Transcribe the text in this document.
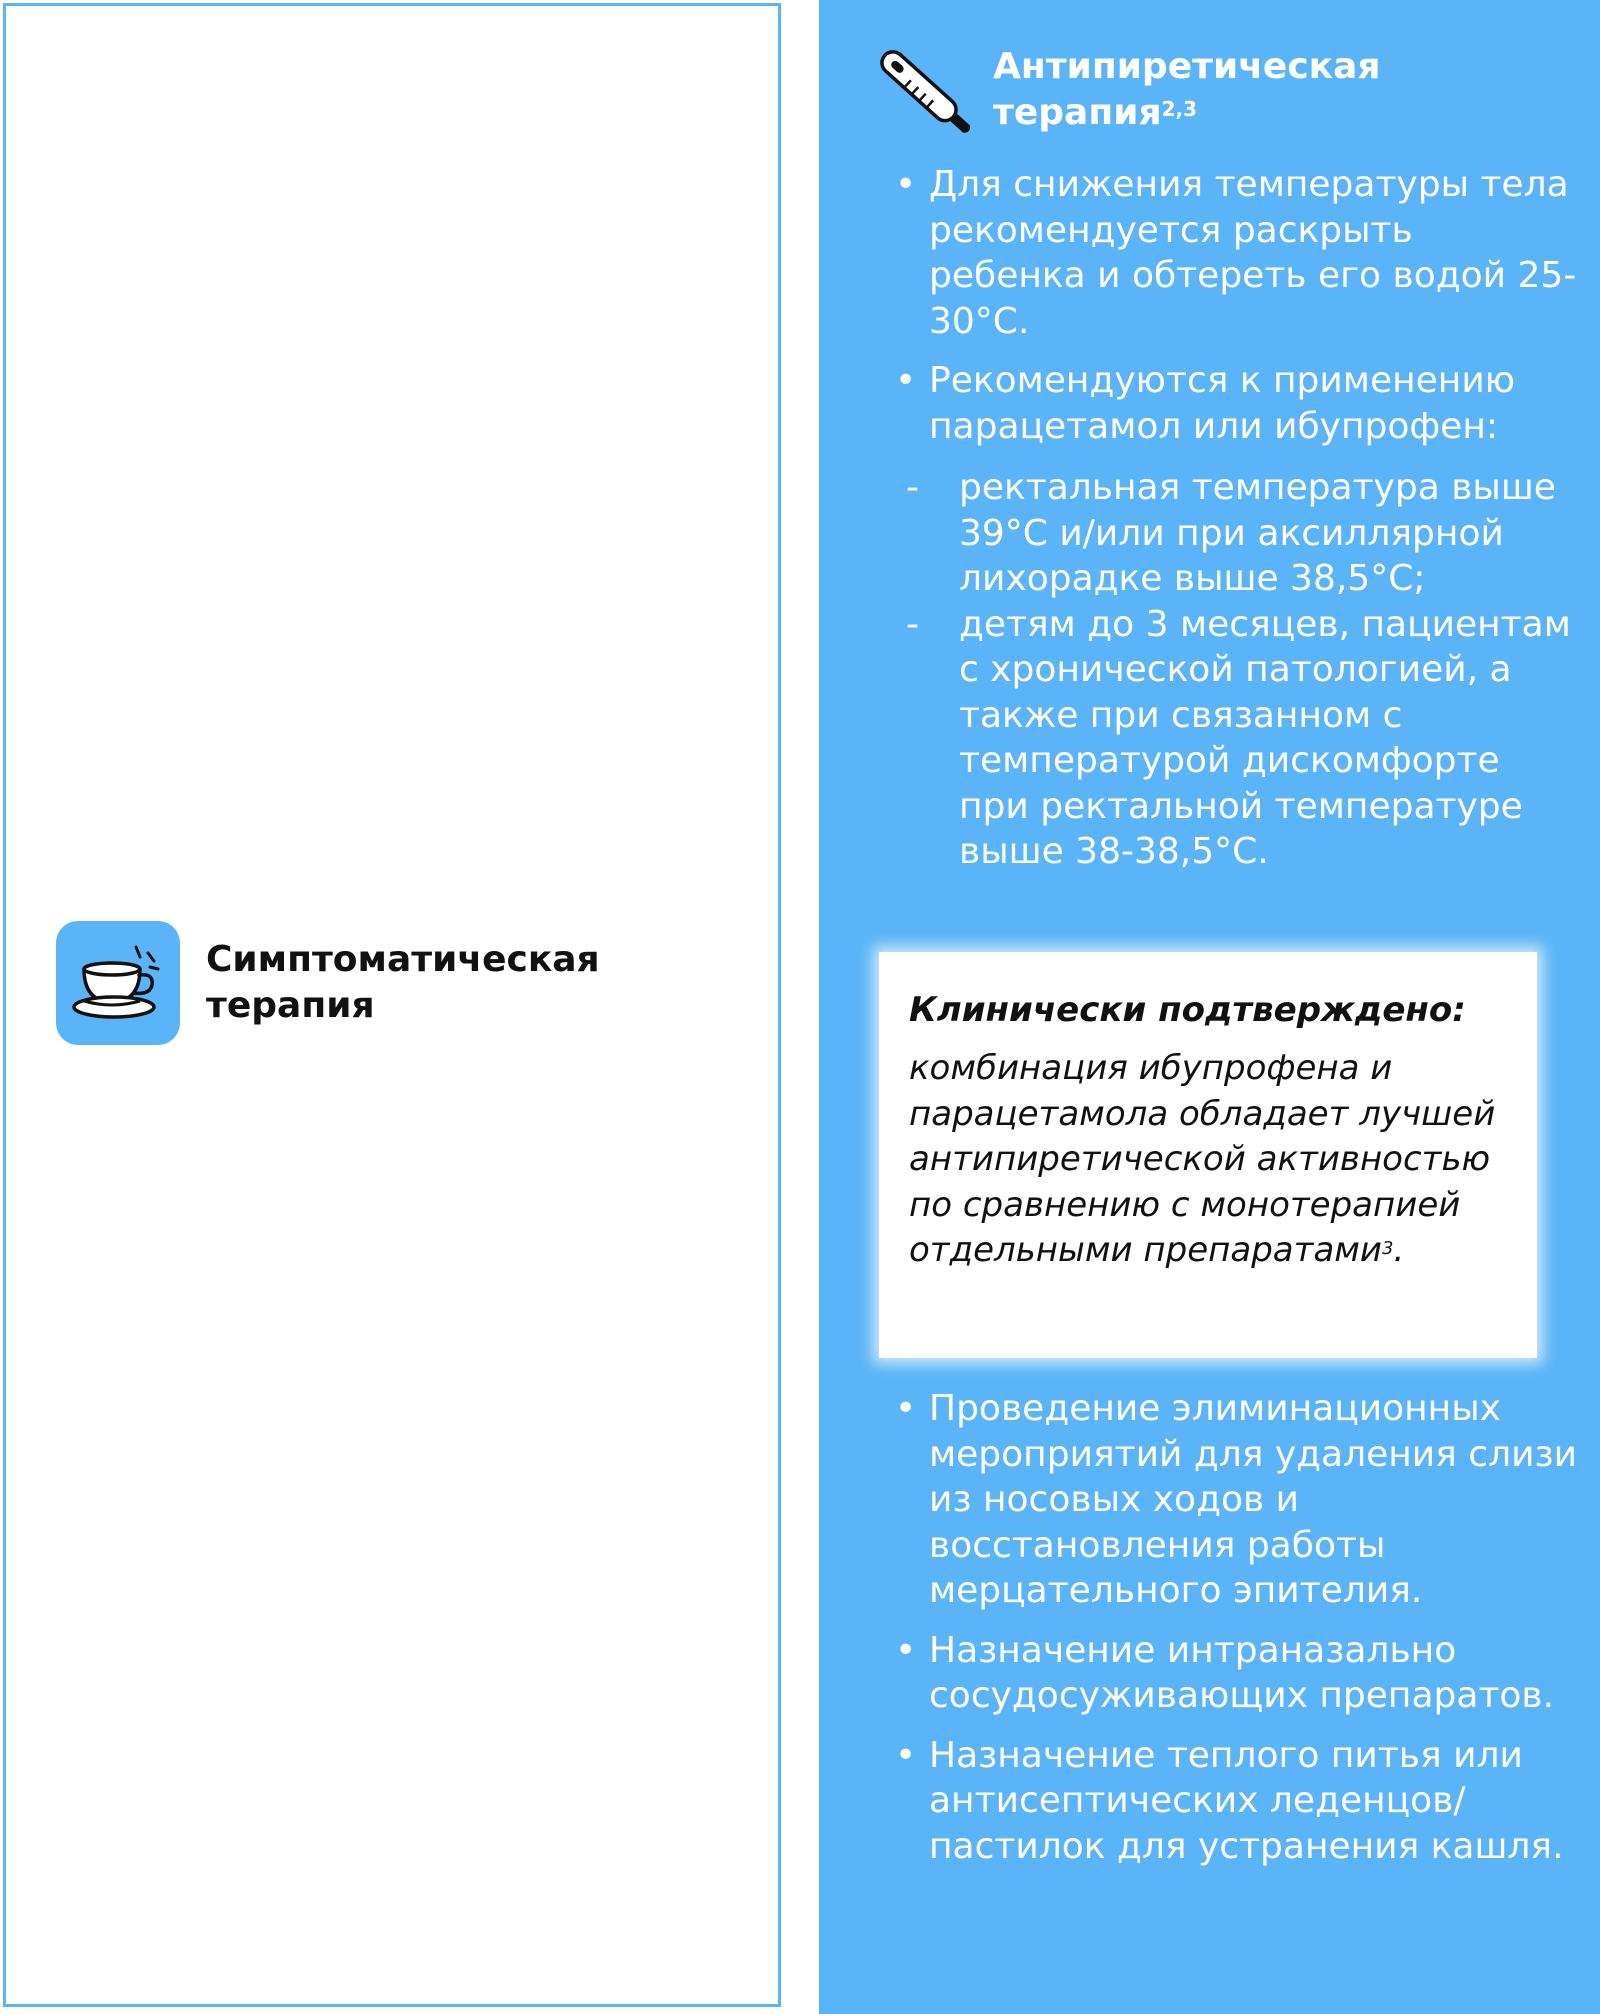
Симптоматическая
терапия
Антипиретическая терапия$^{2,3}$
• Для снижения температуры тела рекомендуется раскрыть ребенка и обтереть его водой 25-30°С.
• Рекомендуются к применению парацетамол или ибупрофен:
- ректальная температура выше 39°С и/или при аксиллярной лихорадке выше 38,5°С;
- детям до 3 месяцев, пациентам с хронической патологией, а также при связанном с температурой дискомфорте при ректальной температуре выше 38-38,5°С.
Клинически подтверждено:
комбинация ибупрофена и парацетамола обладает лучшей антипиретической активностью по сравнению с монотерапией отдельными препаратами$^3$.
• Проведение элиминационных мероприятий для удаления слизи из носовых ходов и восстановления работы мерцательного эпителия.
• Назначение интраназально сосудосуживающих препаратов.
• Назначение теплого питья или антисептических леденцов/пастилок для устранения кашля.
